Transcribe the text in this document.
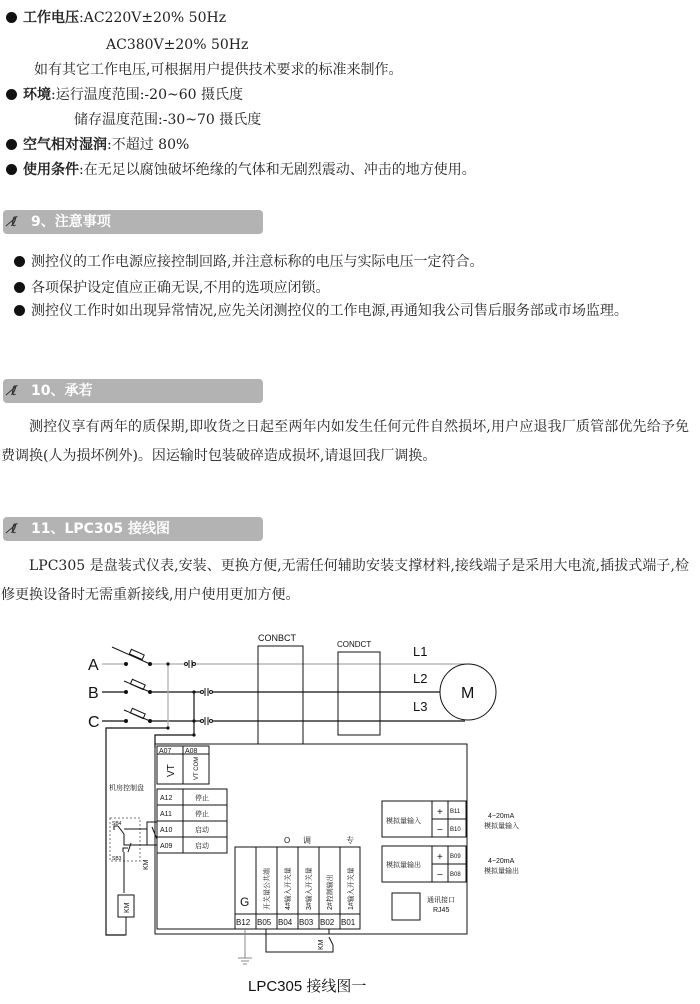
工作电压:AC220V±20% 50Hz
AC380V±20% 50Hz
如有其它工作电压,可根据用户提供技术要求的标准来制作。
环境:运行温度范围:-20~60 摄氏度
储存温度范围:-30~70 摄氏度
空气相对湿润:不超过 80%
使用条件:在无足以腐蚀破坏绝缘的气体和无剧烈震动、冲击的地方使用。
ℓ̸ 9、注意事项
测控仪的工作电源应接控制回路,并注意标称的电压与实际电压一定符合。
各项保护设定值应正确无误,不用的选项应闭锁。
测控仪工作时如出现异常情况,应先关闭测控仪的工作电源,再通知我公司售后服务部或市场监理。
ℓ̸ 10、承若
测控仪享有两年的质保期,即收货之日起至两年内如发生任何元件自然损坏,用户应退我厂质管部优先给予免费调换(人为损坏例外)。因运输时包装破碎造成损坏,请退回我厂调换。
ℓ̸ 11、LPC305 接线图
LPC305 是盘装式仪表,安装、更换方便,无需任何辅助安装支撑材料,接线端子是采用大电流,插拔式端子,检修更换设备时无需重新接线,用户使用更加方便。
A
B
C
CONBCT
CONDCT	L1
L2
L3
M
A07 A08
VT	VT COM
机房控制盘
A12	停止
A11	停止
A10	启动
A09	启动
SB4
SB3
KM
KM
B12 B05 B04 B03 B02 B01
G 开关量公共端 4#输入开关量 3#输入开关量 2#控制输出 1#输入开关量
O 调	专
KM
模拟量输入
+
−
B11
B10
4−20mA
模拟量输入
模拟量输出
+
−
B09
B08
4−20mA
模拟量输出
通讯接口
RJ45
LPC305 接线图一
